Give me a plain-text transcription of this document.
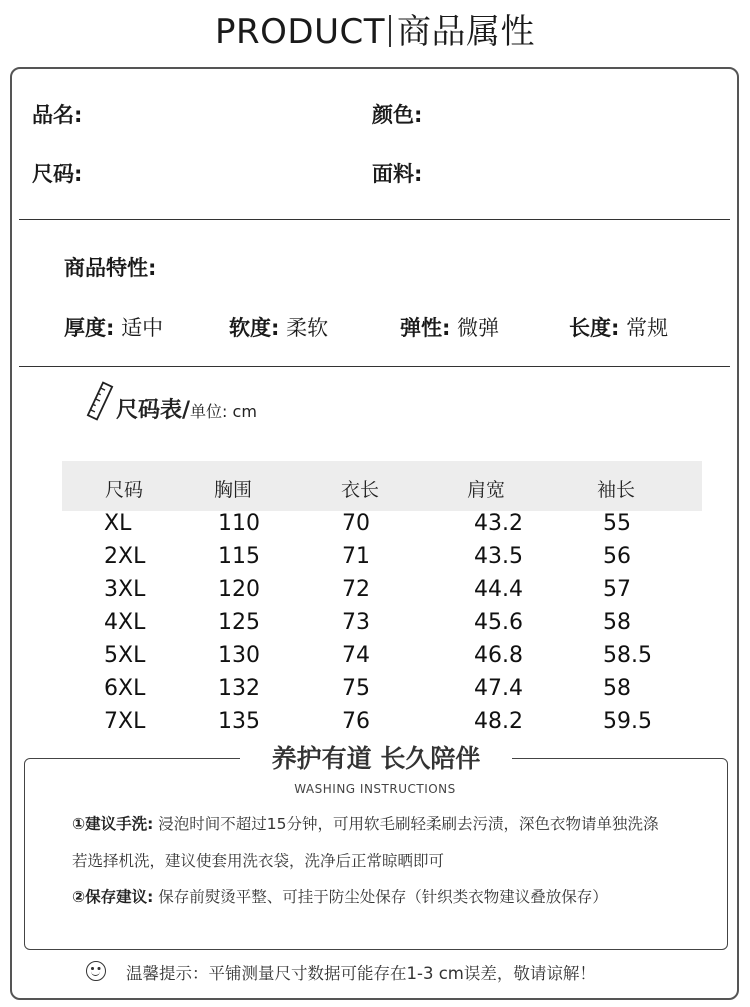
PRODUCT 商品属性
品名:	颜色:
尺码:	面料:
商品特性:
厚度: 适中	软度: 柔软	弹性: 微弹	长度: 常规
尺码表/单位: cm
尺码	胸围	衣长	肩宽	袖长
XL	110	70	43.2	55
2XL	115	71	43.5	56
3XL	120	72	44.4	57
4XL	125	73	45.6	58
5XL	130	74	46.8	58.5
6XL	132	75	47.4	58
7XL	135	76	48.2	59.5
养护有道 长久陪伴
WASHING INSTRUCTIONS
①建议手洗: 浸泡时间不超过15分钟，可用软毛刷轻柔刷去污渍，深色衣物请单独洗涤
若选择机洗，建议使套用洗衣袋，洗净后正常晾晒即可
②保存建议: 保存前熨烫平整、可挂于防尘处保存（针织类衣物建议叠放保存）
温馨提示：平铺测量尺寸数据可能存在1-3 cm误差，敬请谅解！
